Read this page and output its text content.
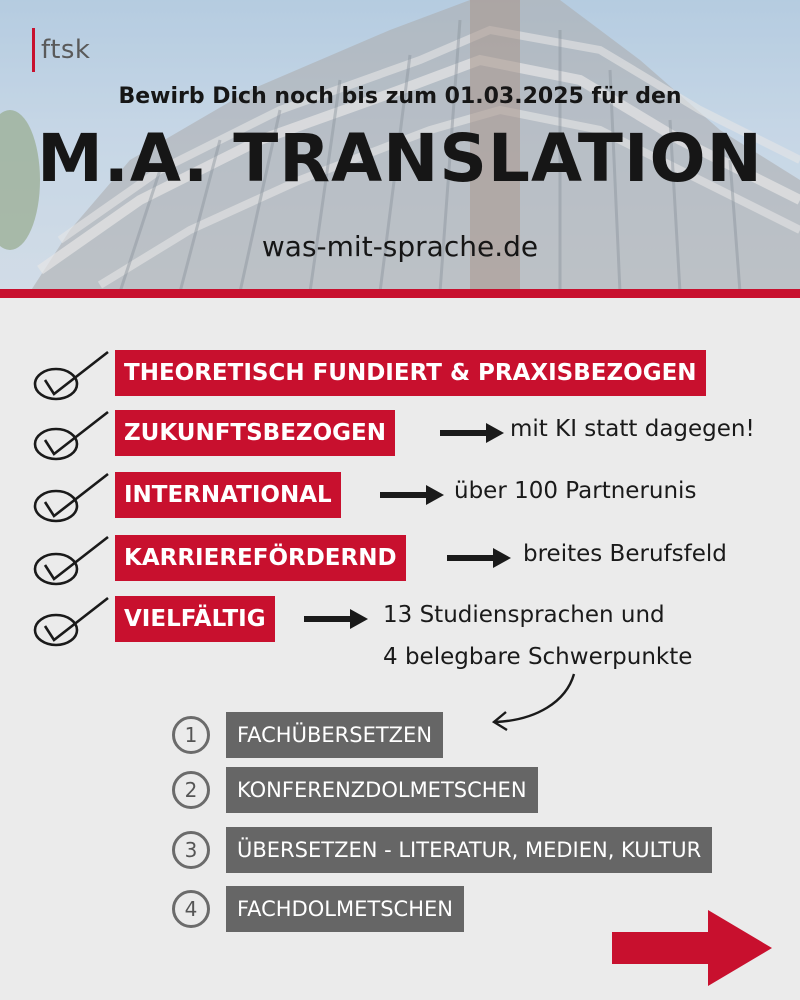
ftsk
Bewirb Dich noch bis zum 01.03.2025 für den
M.A. TRANSLATION
was-mit-sprache.de
THEORETISCH FUNDIERT & PRAXISBEZOGEN
ZUKUNFTSBEZOGEN	mit KI statt dagegen!
INTERNATIONAL	über 100 Partnerunis
KARRIEREFÖRDERND	breites Berufsfeld
VIELFÄLTIG	13 Studiensprachen und
4 belegbare Schwerpunkte
1	FACHÜBERSETZEN
2	KONFERENZDOLMETSCHEN
3	ÜBERSETZEN - LITERATUR, MEDIEN, KULTUR
4	FACHDOLMETSCHEN
